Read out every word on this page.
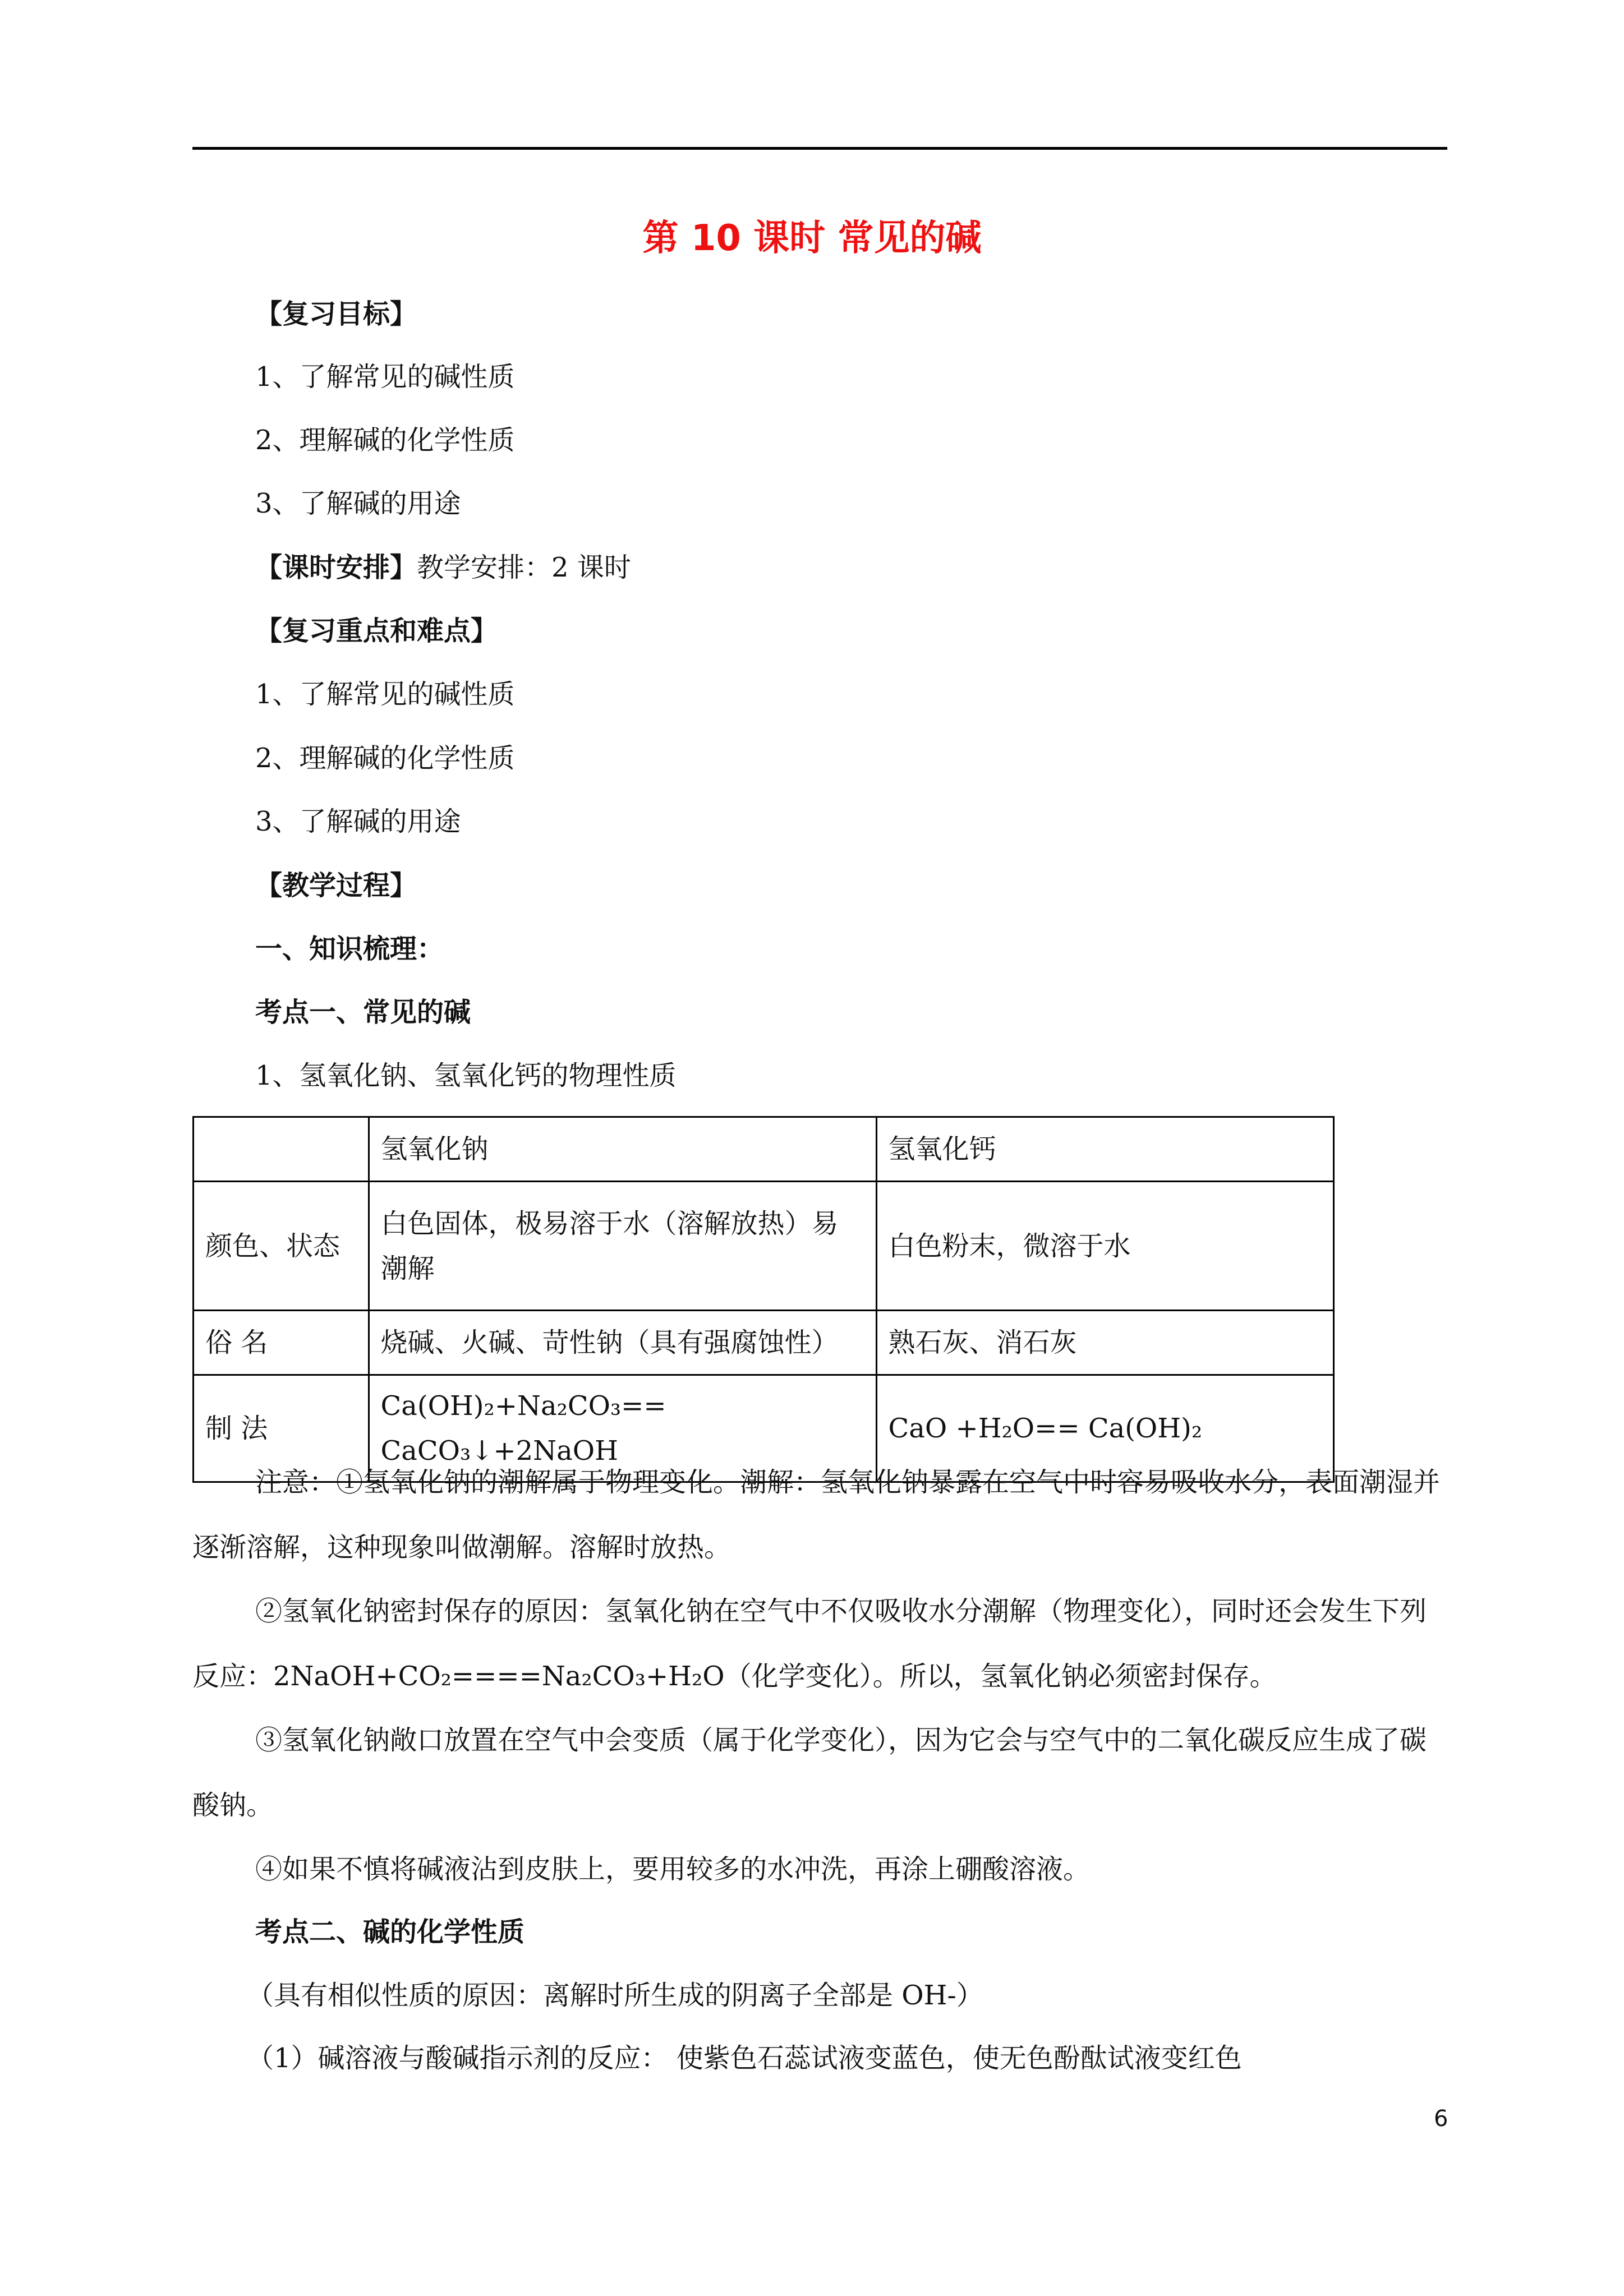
第 10 课时 常见的碱
【复习目标】
1、了解常见的碱性质
2、理解碱的化学性质
3、了解碱的用途
【课时安排】教学安排：2 课时
【复习重点和难点】
1、了解常见的碱性质
2、理解碱的化学性质
3、了解碱的用途
【教学过程】
一、知识梳理：
考点一、常见的碱
1、氢氧化钠、氢氧化钙的物理性质
	氢氧化钠	氢氧化钙
颜色、状态	白色固体，极易溶于水（溶解放热）易潮解	白色粉末，微溶于水
俗 名	烧碱、火碱、苛性钠（具有强腐蚀性）	熟石灰、消石灰
制 法	Ca(OH)₂+Na₂CO₃== CaCO₃↓+2NaOH	CaO +H₂O== Ca(OH)₂
注意：①氢氧化钠的潮解属于物理变化。潮解：氢氧化钠暴露在空气中时容易吸收水分，表面潮湿并逐渐溶解，这种现象叫做潮解。溶解时放热。
②氢氧化钠密封保存的原因：氢氧化钠在空气中不仅吸收水分潮解（物理变化），同时还会发生下列反应：2NaOH+CO₂====Na₂CO₃+H₂O（化学变化）。所以，氢氧化钠必须密封保存。
③氢氧化钠敞口放置在空气中会变质（属于化学变化），因为它会与空气中的二氧化碳反应生成了碳酸钠。
④如果不慎将碱液沾到皮肤上，要用较多的水冲洗，再涂上硼酸溶液。
考点二、碱的化学性质
（具有相似性质的原因：离解时所生成的阴离子全部是 OH-）
（1）碱溶液与酸碱指示剂的反应： 使紫色石蕊试液变蓝色，使无色酚酞试液变红色
6
